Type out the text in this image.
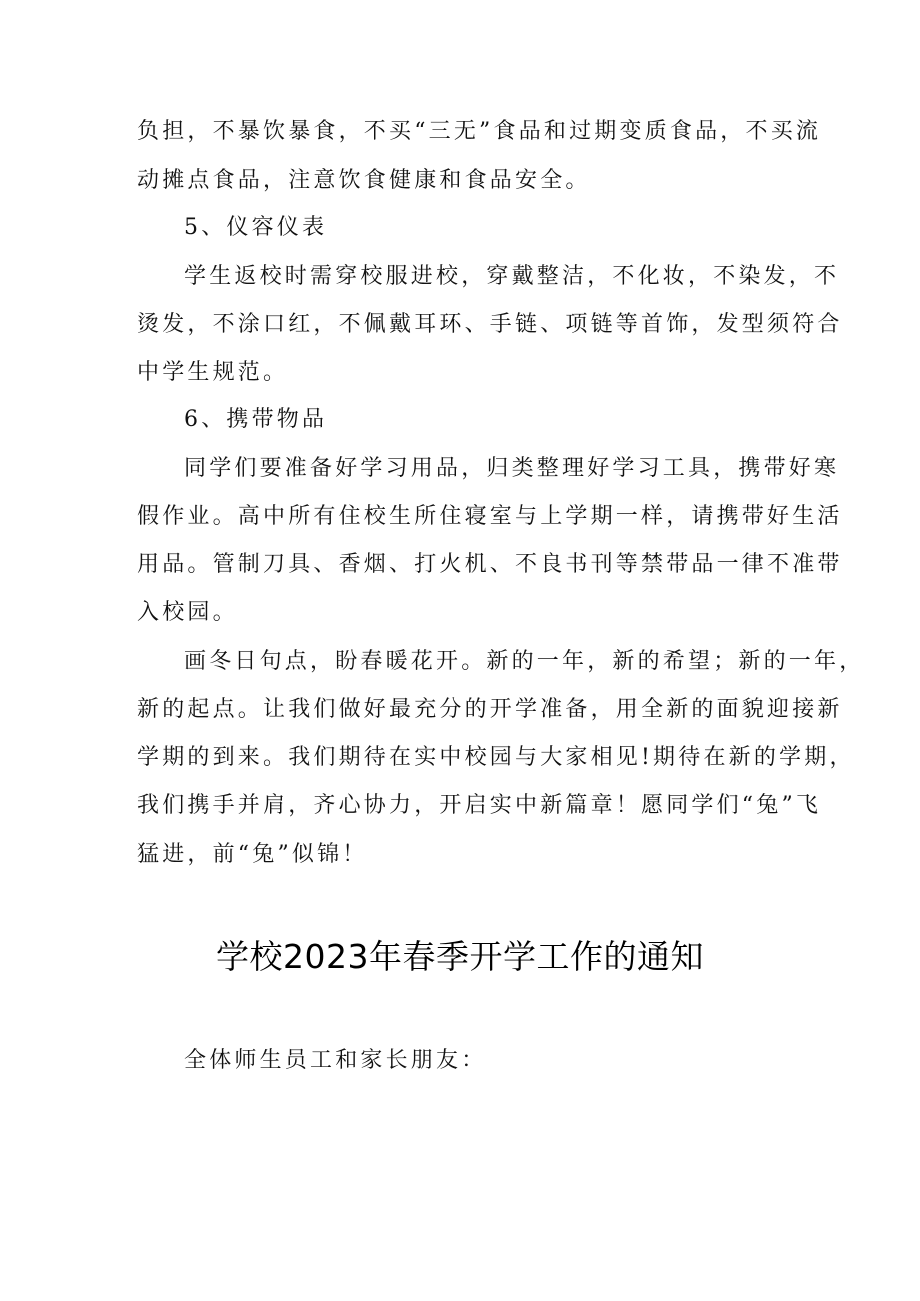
负担，不暴饮暴食，不买“三无”食品和过期变质食品，不买流
动摊点食品，注意饮食健康和食品安全。
5、仪容仪表
学生返校时需穿校服进校，穿戴整洁，不化妆，不染发，不
烫发，不涂口红，不佩戴耳环、手链、项链等首饰，发型须符合
中学生规范。
6、携带物品
同学们要准备好学习用品，归类整理好学习工具，携带好寒
假作业。高中所有住校生所住寝室与上学期一样，请携带好生活
用品。管制刀具、香烟、打火机、不良书刊等禁带品一律不准带
入校园。
画冬日句点，盼春暖花开。新的一年，新的希望；新的一年，
新的起点。让我们做好最充分的开学准备，用全新的面貌迎接新
学期的到来。我们期待在实中校园与大家相见!期待在新的学期，
我们携手并肩，齐心协力，开启实中新篇章！愿同学们“兔”飞
猛进，前“兔”似锦！
学校2023年春季开学工作的通知
全体师生员工和家长朋友：
